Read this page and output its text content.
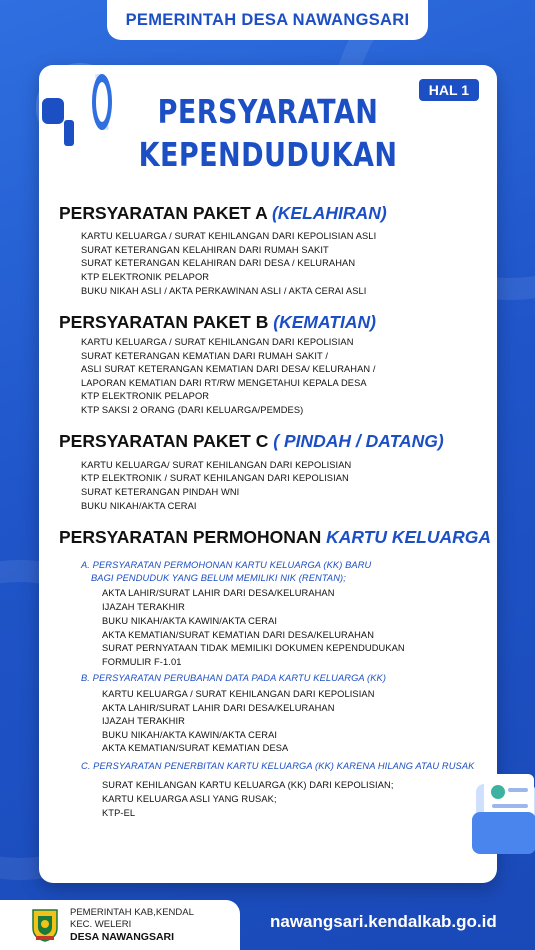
PEMERINTAH DESA NAWANGSARI
HAL 1
PERSYARATAN
KEPENDUDUKAN
PERSYARATAN PAKET A (KELAHIRAN)
KARTU KELUARGA / SURAT KEHILANGAN DARI KEPOLISIAN ASLI
SURAT KETERANGAN KELAHIRAN DARI RUMAH SAKIT
SURAT KETERANGAN KELAHIRAN DARI DESA / KELURAHAN
KTP ELEKTRONIK PELAPOR
BUKU NIKAH ASLI / AKTA PERKAWINAN ASLI / AKTA CERAI ASLI
PERSYARATAN PAKET B (KEMATIAN)
KARTU KELUARGA / SURAT KEHILANGAN DARI KEPOLISIAN
SURAT KETERANGAN KEMATIAN DARI RUMAH SAKIT /
ASLI SURAT KETERANGAN KEMATIAN DARI DESA/ KELURAHAN /
LAPORAN KEMATIAN DARI RT/RW MENGETAHUI KEPALA DESA
KTP ELEKTRONIK PELAPOR
KTP SAKSI 2 ORANG (DARI KELUARGA/PEMDES)
PERSYARATAN PAKET C ( PINDAH / DATANG)
KARTU KELUARGA/ SURAT KEHILANGAN DARI KEPOLISIAN
KTP ELEKTRONIK / SURAT KEHILANGAN DARI KEPOLISIAN
SURAT KETERANGAN PINDAH WNI
BUKU NIKAH/AKTA CERAI
PERSYARATAN PERMOHONAN KARTU KELUARGA
A. PERSYARATAN PERMOHONAN KARTU KELUARGA (KK) BARU
BAGI PENDUDUK YANG BELUM MEMILIKI NIK (RENTAN);
AKTA LAHIR/SURAT LAHIR DARI DESA/KELURAHAN
IJAZAH TERAKHIR
BUKU NIKAH/AKTA KAWIN/AKTA CERAI
AKTA KEMATIAN/SURAT KEMATIAN DARI DESA/KELURAHAN
SURAT PERNYATAAN TIDAK MEMILIKI DOKUMEN KEPENDUDUKAN
FORMULIR F-1.01
B. PERSYARATAN PERUBAHAN DATA PADA KARTU KELUARGA (KK)
KARTU KELUARGA / SURAT KEHILANGAN DARI KEPOLISIAN
AKTA LAHIR/SURAT LAHIR DARI DESA/KELURAHAN
IJAZAH TERAKHIR
BUKU NIKAH/AKTA KAWIN/AKTA CERAI
AKTA KEMATIAN/SURAT KEMATIAN DESA
C. PERSYARATAN PENERBITAN KARTU KELUARGA (KK) KARENA HILANG ATAU RUSAK
SURAT KEHILANGAN KARTU KELUARGA (KK) DARI KEPOLISIAN;
KARTU KELUARGA ASLI YANG RUSAK;
KTP-EL
PEMERINTAH KAB,KENDAL
KEC. WELERI
DESA NAWANGSARI
nawangsari.kendalkab.go.id
